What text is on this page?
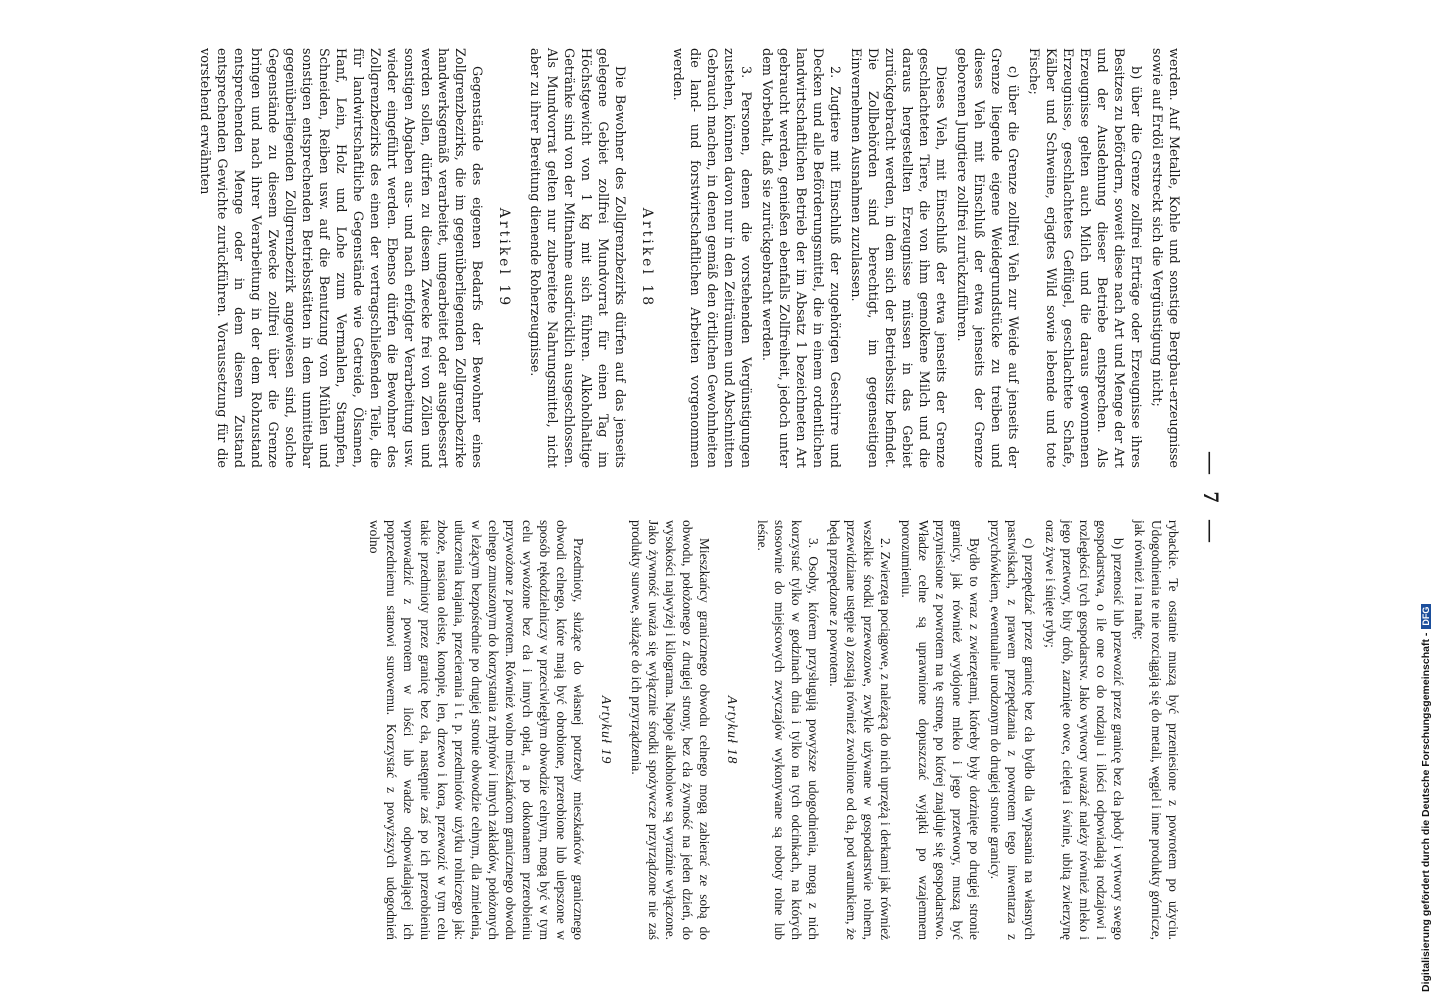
— 7 —

werden. Auf Metalle, Kohle und sonstige Bergbau-erzeugnisse sowie auf Erdöl erstreckt sich die Vergünstigung nicht;

b) über die Grenze zollfrei Erträge oder Erzeugnisse ihres Besitzes zu befördern, soweit diese nach Art und Menge der Art und der Ausdehnung dieser Betriebe entsprechen. Als Erzeugnisse gelten auch Milch und die daraus gewonnenen Erzeugnisse, geschlachtetes Geflügel, geschlachtete Schafe, Kälber und Schweine, erjagtes Wild sowie lebende und tote Fische;

c) über die Grenze zollfrei Vieh zur Weide auf jenseits der Grenze liegende eigene Weidegrundstücke zu treiben und dieses Vieh mit Einschluß der etwa jenseits der Grenze geborenen Jungtiere zollfrei zurückzuführen.

Dieses Vieh, mit Einschluß der etwa jenseits der Grenze geschlachteten Tiere, die von ihm gemolkene Milch und die daraus hergestellten Erzeugnisse müssen in das Gebiet zurückgebracht werden, in dem sich der Betriebssitz befindet. Die Zollbehörden sind berechtigt, im gegenseitigen Einvernehmen Ausnahmen zuzulassen.

2. Zugtiere mit Einschluß der zugehörigen Geschirre und Decken und alle Beförderungsmittel, die in einem ordentlichen landwirtschaftlichen Betrieb der im Absatz 1 bezeichneten Art gebraucht werden, genießen ebenfalls Zollfreiheit, jedoch unter dem Vorbehalt, daß sie zurückgebracht werden.

3. Personen, denen die vorstehenden Vergünstigungen zustehen, können davon nur in den Zeiträumen und Abschnitten Gebrauch machen, in denen gemäß den örtlichen Gewohnheiten die land- und forstwirtschaftlichen Arbeiten vorgenommen werden.

Artikel 18

Die Bewohner des Zollgrenzbezirks dürfen auf das jenseits gelegene Gebiet zollfrei Mundvorrat für einen Tag im Höchstgewicht von 1 kg mit sich führen. Alkoholhaltige Getränke sind von der Mitnahme ausdrücklich ausgeschlossen. Als Mundvorrat gelten nur zubereitete Nahrungsmittel, nicht aber zu ihrer Bereitung dienende Roherzeugnisse.

Artikel 19

Gegenstände des eigenen Bedarfs der Bewohner eines Zollgrenzbezirks, die im gegenüberliegenden Zollgrenzbezirke handwerksgemäß verarbeitet, umgearbeitet oder ausgebessert werden sollen, dürfen zu diesem Zwecke frei von Zöllen und sonstigen Abgaben aus- und nach erfolgter Verarbeitung usw. wieder eingeführt werden. Ebenso dürfen die Bewohner des Zollgrenzbezirks des einen der vertragschließenden Teile, die für landwirtschaftliche Gegenstände wie Getreide, Ölsamen, Hanf, Lein, Holz und Lohe zum Vermahlen, Stampfen, Schneiden, Reiben usw. auf die Benutzung von Mühlen und sonstigen entsprechenden Betriebsstätten in dem unmittelbar gegenüberliegenden Zollgrenzbezirk angewiesen sind, solche Gegenstände zu diesem Zwecke zollfrei über die Grenze bringen und nach ihrer Verarbeitung in der dem Rohzustand entsprechenden Menge oder in dem diesem Zustand entsprechenden Gewichte zurückführen. Voraussetzung für die vorstehend erwähnten

rybackie. Te ostatnie muszą być przeniesione z powrotem po użyciu. Udogodnienia te nie rozciągają się do metali, węgiel i inne produkty górnicze, jak również i na naftę;

b) przenosić lub przewozić przez granicę bez cła płody i wytwory swego gospodarstwa, o ile one co do rodzaju i ilości odpowiadają rodzajowi i rozległości tych gospodarstw. Jako wytwory uważać należy również mleko i jego przetwory, bity drób, zarznięte owce, cielęta i świnie, ubitą zwierzynę oraz żywe i śnięte ryby;

c) przepędzać przez granicę bez cła bydło dla wypasania na własnych pastwiskach, z prawem przepędzania z powrotem tego inwentarza z przychówkiem, ewentualnie urodzonym do drugiej stronie granicy.

Bydło to wraz z zwierzętami, któreby były dorżnięte po drugiej stronie granicy, jak również wydojone mleko i jego przetwory, muszą być przyniesione z powrotem na tę stronę, po której znajduje się gospodarstwo. Władze celne są uprawnione dopuszczać wyjątki po wzajemnem porozumieniu.

2. Zwierzęta pociągowe, z należącą do nich uprzężą i derkami jak również wszelkie środki przewozowe, zwykle używane w gospodarstwie rolnem, przewidziane ustępie a) zostają również zwolnione od cła, pod warunkiem, że będą przepędzone z powrotem.

3. Osoby, którem przysługują powyższe udogodnienia, mogą z nich korzystać tylko w godzinach dnia i tylko na tych odcinkach, na których stosownie do miejscowych zwyczajów wykonywane są roboty rolne lub leśne.

Artykuł 18

Mieszkańcy granicznego obwodu celnego mogą zabierać ze sobą do obwodu, położonego z drugiej strony, bez cła żywność na jeden dzień, do wysokości najwyżej i kilograma. Napoje alkoholowe są wyraźnie wyłączone. Jako żywność uważa się wyłącznie środki spożywcze przyrządzone nie zaś produkty surowe, służące do ich przyrządzenia.

Artykuł 19

Przedmioty, służące do własnej potrzeby mieszkańców granicznego obwodi celnego, które mają być obrobione, przerobione lub ulepszone w sposób rękodzielniczy w przeciwległym obwodzie celnym, mogą być w tym celu wywożone bez cła i innych opłat, a po dokonanem przerobieniu przywożone z powrotem. Również wolno mieszkańcom granicznego obwodu celnego zmuszonym do korzystania z młynów i innych zakładów, położonych w leżącym bezpośrednie po drugiej stronie obwodzie celnym, dla zmielenia, utłuczenia krajania, przecierania i t. p. przedmiotów użytku rolniczego jak: zboże, nasiona oleiste, konopie, len, drzewo i kora, przewozić w tym celu takie przedmioty przez granicę bez cła, następnie zaś po ich przerobieniu wprowadzić z powrotem w ilości lub wadze odpowiadającej ich poprzedniemu stanowi surowemu. Korzystać z powyższych udogodnień wolno

Digitalisierung gefördert durch die Deutsche Forschungsgemeinschaft -DFG
